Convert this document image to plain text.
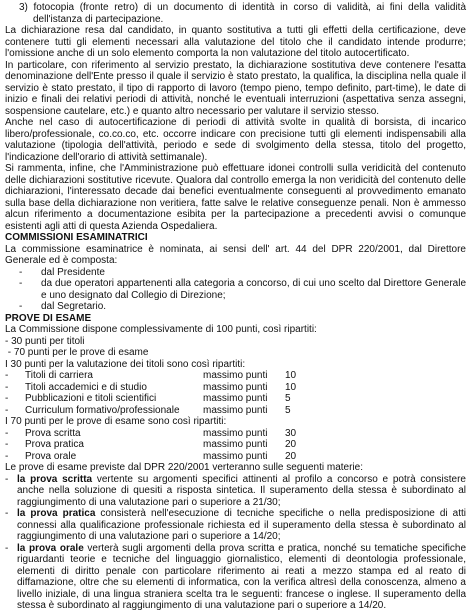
3) fotocopia (fronte retro) di un documento di identità in corso di validità, ai fini della validità dell'istanza di partecipazione.

La dichiarazione resa dal candidato, in quanto sostitutiva a tutti gli effetti della certificazione, deve contenere tutti gli elementi necessari alla valutazione del titolo che il candidato intende produrre; l'omissione anche di un solo elemento comporta la non valutazione del titolo autocertificato.

In particolare, con riferimento al servizio prestato, la dichiarazione sostitutiva deve contenere l'esatta denominazione dell'Ente presso il quale il servizio è stato prestato, la qualifica, la disciplina nella quale il servizio è stato prestato, il tipo di rapporto di lavoro (tempo pieno, tempo definito, part-time), le date di inizio e finali dei relativi periodi di attività, nonché le eventuali interruzioni (aspettativa senza assegni, sospensione cautelare, etc.) e quanto altro necessario per valutare il servizio stesso.

Anche nel caso di autocertificazione di periodi di attività svolte in qualità di borsista, di incarico libero/professionale, co.co.co, etc. occorre indicare con precisione tutti gli elementi indispensabili alla valutazione (tipologia dell'attività, periodo e sede di svolgimento della stessa, titolo del progetto, l'indicazione dell'orario di attività settimanale).

Si rammenta, infine, che l'Amministrazione può effettuare idonei controlli sulla veridicità del contenuto delle dichiarazioni sostitutive ricevute. Qualora dal controllo emerga la non veridicità del contenuto delle dichiarazioni, l'interessato decade dai benefici eventualmente conseguenti al provvedimento emanato sulla base della dichiarazione non veritiera, fatte salve le relative conseguenze penali. Non è ammesso alcun riferimento a documentazione esibita per la partecipazione a precedenti avvisi o comunque esistenti agli atti di questa Azienda Ospedaliera.

COMMISSIONI ESAMINATRICI

La commissione esaminatrice è nominata, ai sensi dell' art. 44 del DPR 220/2001, dal Direttore Generale ed è composta:

-	dal Presidente
-	da due operatori appartenenti alla categoria a concorso, di cui uno scelto dal Direttore Generale e uno designato dal Collegio di Direzione;
-	dal Segretario.

PROVE DI ESAME

La Commissione dispone complessivamente di 100 punti, così ripartiti:

- 30 punti per titoli

- 70 punti per le prove di esame

I 30 punti per la valutazione dei titoli sono così ripartiti:

-	Titoli di carriera	massimo punti	10
-	Titoli accademici e di studio	massimo punti	10
-	Pubblicazioni e titoli scientifici	massimo punti	5
-	Curriculum formativo/professionale	massimo punti	5

I 70 punti per le prove di esame sono così ripartiti:

-	Prova scritta	massimo punti	30
-	Prova pratica	massimo punti	20
-	Prova orale	massimo punti	20

Le prove di esame previste dal DPR 220/2001 verteranno sulle seguenti materie:

- la prova scritta vertente su argomenti specifici attinenti al profilo a concorso e potrà consistere anche nella soluzione di quesiti a risposta sintetica. Il superamento della stessa è subordinato al raggiungimento di una valutazione pari o superiore a 21/30;
- la prova pratica consisterà nell'esecuzione di tecniche specifiche o nella predisposizione di atti connessi alla qualificazione professionale richiesta ed il superamento della stessa è subordinato al raggiungimento di una valutazione pari o superiore a 14/20;
- la prova orale verterà sugli argomenti della prova scritta e pratica, nonché su tematiche specifiche riguardanti teorie e tecniche del linguaggio giornalistico, elementi di deontologia professionale, elementi di diritto penale con particolare riferimento ai reati a mezzo stampa ed al reato di diffamazione, oltre che su elementi di informatica, con la verifica altresì della conoscenza, almeno a livello iniziale, di una lingua straniera scelta tra le seguenti: francese o inglese. Il superamento della stessa è subordinato al raggiungimento di una valutazione pari o superiore a 14/20.
